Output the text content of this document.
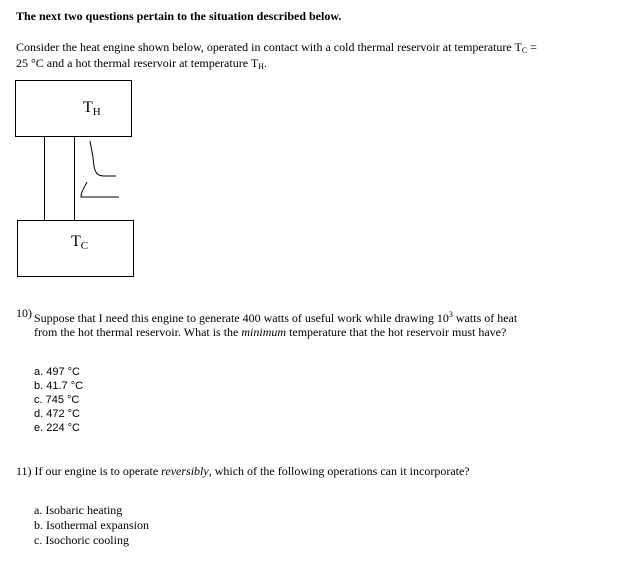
The next two questions pertain to the situation described below.
Consider the heat engine shown below, operated in contact with a cold thermal reservoir at temperature $T_C$ =
25 °C and a hot thermal reservoir at temperature $T_H$.
$T_H$
$T_C$
10) Suppose that I need this engine to generate 400 watts of useful work while drawing $10^3$ watts of heat
from the hot thermal reservoir. What is the minimum temperature that the hot reservoir must have?
a. 497 °C
b. 41.7 °C
c. 745 °C
d. 472 °C
e. 224 °C
11) If our engine is to operate reversibly, which of the following operations can it incorporate?
a. Isobaric heating
b. Isothermal expansion
c. Isochoric cooling
